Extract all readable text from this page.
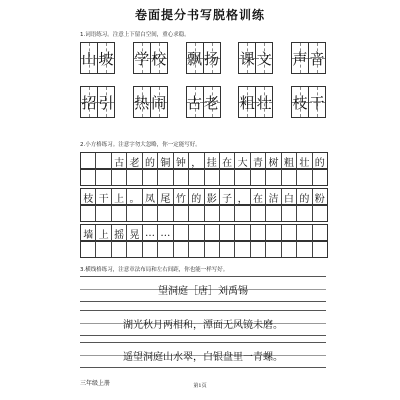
卷面提分书写脱格训练
1.词语练习。注意上下留白空间，重心求稳。
山 坡 学 校 飘 扬 课 文 声 音
招 引 热 闹 古 老 粗 壮 枝 干
2.小方格练习。注意字勿大忽略，你一定能写好。
古 老 的 铜 钟 ， 挂 在 大 青 树 粗 壮 的
枝 干 上 。 凤 尾 竹 的 影 子 ， 在 洁 白 的 粉
墙 上 摇 晃 … …
3.横线格练习，注意章法布局和左右间距，你也能一样写好。
望洞庭［唐］刘禹锡
湖光秋月两相和，潭面无风镜未磨。
遥望洞庭山水翠，白银盘里一青螺。
三年级上册	第1页
